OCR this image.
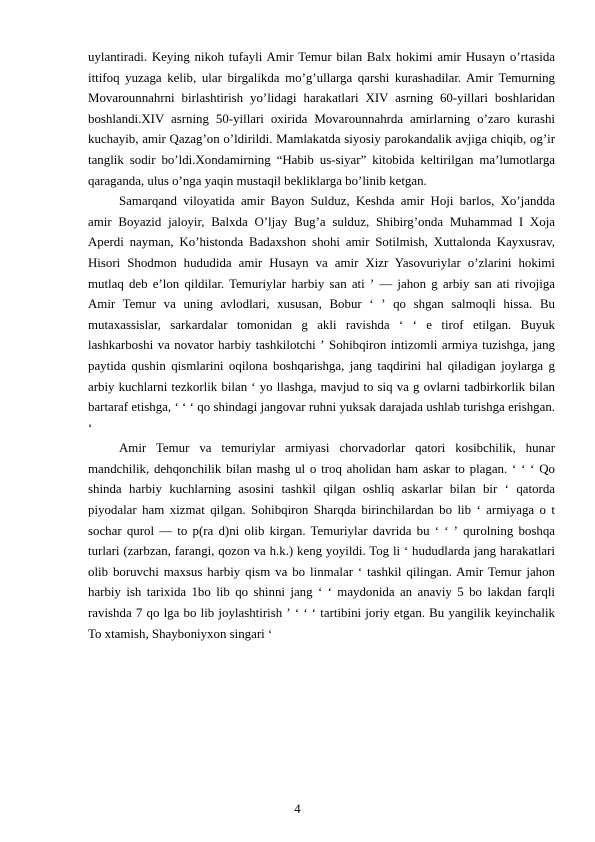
uylantiradi. Keying nikoh tufayli Amir Temur bilan Balx hokimi amir Husayn o’rtasida ittifoq yuzaga kelib, ular birgalikda mo’g’ullarga qarshi kurashadilar. Amir Temurning Movarounnahrni birlashtirish yo’lidagi harakatlari XIV asrning 60-yillari boshlaridan boshlandi.XIV asrning 50-yillari oxirida Movarounnahrda amirlarning o’zaro kurashi kuchayib, amir Qazag’on o’ldirildi. Mamlakatda siyosiy parokandalik avjiga chiqib, og’ir tanglik sodir bo’ldi.Xondamirning “Habib us-siyar” kitobida keltirilgan ma’lumotlarga qaraganda, ulus o’nga yaqin mustaqil bekliklarga bo’linib ketgan.

Samarqand viloyatida amir Bayon Sulduz, Keshda amir Hoji barlos, Xo’jandda amir Boyazid jaloyir, Balxda O’ljay Bug’a sulduz, Shibirg’onda Muhammad I Xoja Aperdi nayman, Ko’histonda Badaxshon shohi amir Sotilmish, Xuttalonda Kayxusrav, Hisori Shodmon hududida amir Husayn va amir Xizr Yasovuriylar o’zlarini hokimi mutlaq deb e’lon qildilar. Temuriylar harbiy san ati ʼ — jahon g arbiy san ati rivojiga Amir Temur va uning avlodlari, xususan, Bobur ʻ ʼ qo shgan salmoqli hissa. Bu mutaxassislar, sarkardalar tomonidan g akli ravishda ʻ ʻ e tirof etilgan. Buyuk lashkarboshi va novator harbiy tashkilotchi ʼ Sohibqiron intizomli armiya tuzishga, jang paytida qushin qismlarini oqilona boshqarishga, jang taqdirini hal qiladigan joylarga g arbiy kuchlarni tezkorlik bilan ʻ yo llashga, mavjud to siq va g ovlarni tadbirkorlik bilan bartaraf etishga, ʻ ʻ ʻ qo shindagi jangovar ruhni yuksak darajada ushlab turishga erishgan. ʻ

Amir Temur va temuriylar armiyasi chorvadorlar qatori kosibchilik, hunar mandchilik, dehqonchilik bilan mashg ul o troq aholidan ham askar to plagan. ʻ ʻ ʻ Qo shinda harbiy kuchlarning asosini tashkil qilgan oshliq askarlar bilan bir ʻ qatorda piyodalar ham xizmat qilgan. Sohibqiron Sharqda birinchilardan bo lib ʻ armiyaga o t sochar qurol — to p(ra d)ni olib kirgan. Temuriylar davrida bu ʻ ʻ ʼ qurolning boshqa turlari (zarbzan, farangi, qozon va h.k.) keng yoyildi. Tog li ʻ hududlarda jang harakatlari olib boruvchi maxsus harbiy qism va bo linmalar ʻ tashkil qilingan. Amir Temur jahon harbiy ish tarixida 1bo lib qo shinni jang ʻ ʻ maydonida an anaviy 5 bo lakdan farqli ravishda 7 qo lga bo lib joylashtirish ʼ ʻ ʻ ʻ tartibini joriy etgan. Bu yangilik keyinchalik To xtamish, Shayboniyxon singari ʻ

4
